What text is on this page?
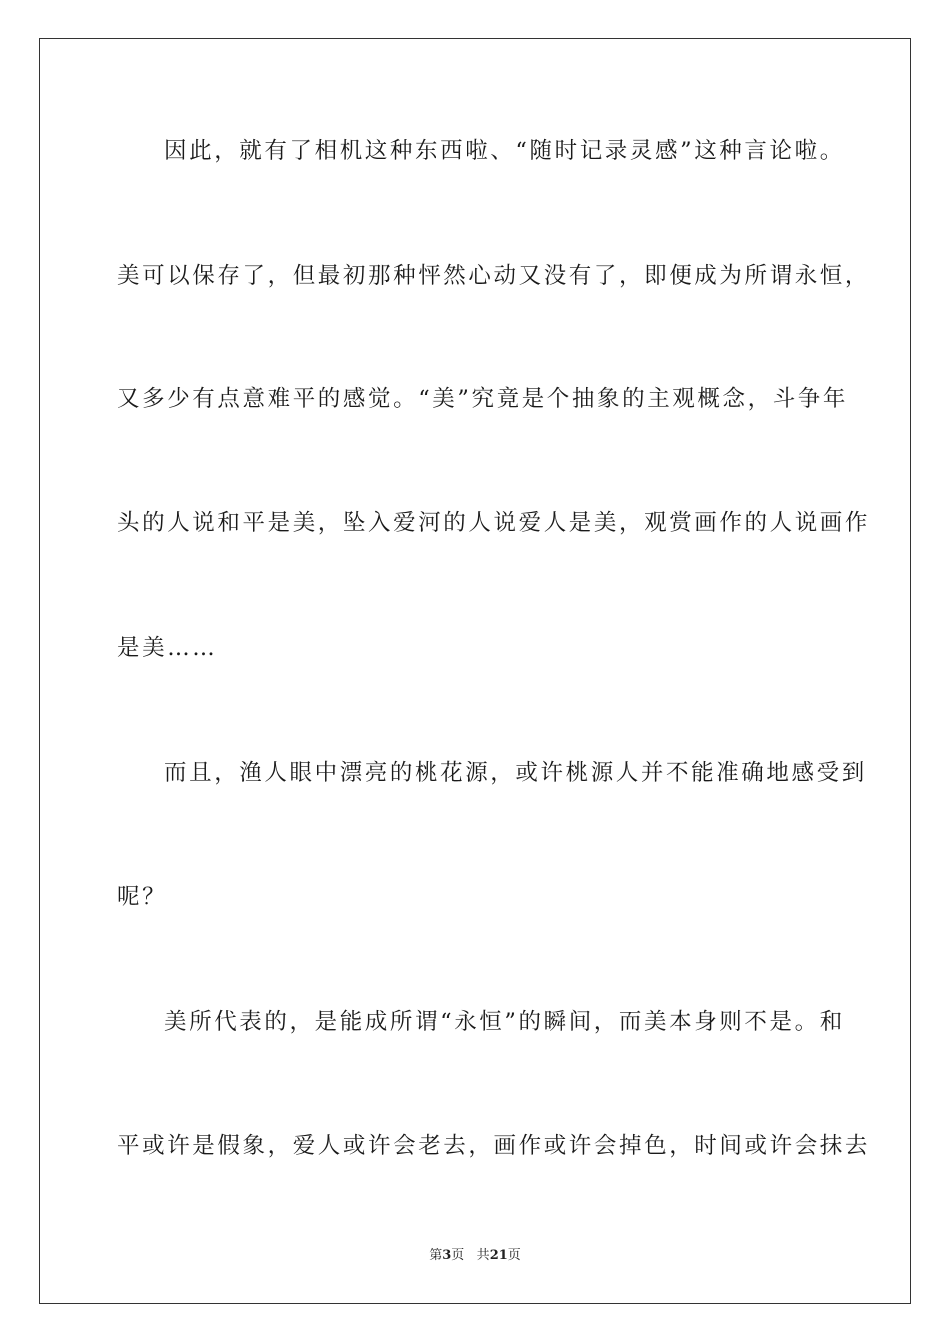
因此，就有了相机这种东西啦、“随时记录灵感”这种言论啦。
美可以保存了，但最初那种怦然心动又没有了，即便成为所谓永恒，
又多少有点意难平的感觉。“美”究竟是个抽象的主观概念，斗争年
头的人说和平是美，坠入爱河的人说爱人是美，观赏画作的人说画作
是美……
而且，渔人眼中漂亮的桃花源，或许桃源人并不能准确地感受到
呢？
美所代表的，是能成所谓“永恒”的瞬间，而美本身则不是。和
平或许是假象，爱人或许会老去，画作或许会掉色，时间或许会抹去
第3页 共21页
